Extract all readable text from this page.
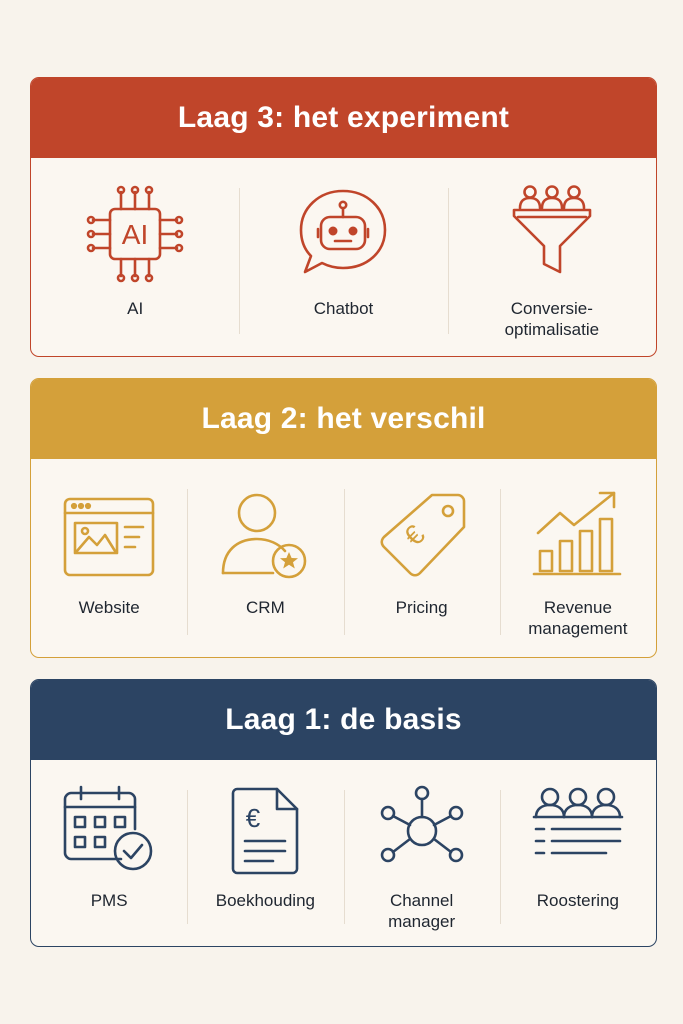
Laag 3: het experiment
AI
AI	Chatbot	Conversie-
optimalisatie
Laag 2: het verschil
Website	CRM
€
Pricing	Revenue
management
Laag 1: de basis
PMS
€
Boekhouding	Channel
manager
Roostering
